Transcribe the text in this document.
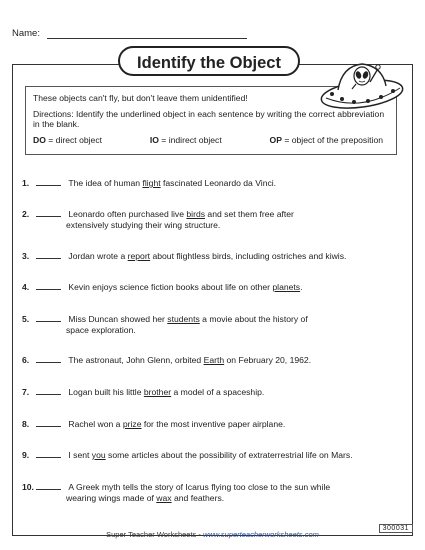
Name:
Identify the Object

These objects can't fly, but don't leave them unidentified!

Directions: Identify the underlined object in each sentence by writing the correct abbreviation in the blank.

DO = direct object	IO = indirect object	OP = object of the preposition
1.	The idea of human flight fascinated Leonardo da Vinci.
2.	Leonardo often purchased live birds and set them free after
extensively studying their wing structure.
3.	Jordan wrote a report about flightless birds, including ostriches and kiwis.
4.	Kevin enjoys science fiction books about life on other planets.
5.	Miss Duncan showed her students a movie about the history of
space exploration.
6.	The astronaut, John Glenn, orbited Earth on February 20, 1962.
7.	Logan built his little brother a model of a spaceship.
8.	Rachel won a prize for the most inventive paper airplane.
9.	I sent you some articles about the possibility of extraterrestrial life on Mars.
10.	A Greek myth tells the story of Icarus flying too close to the sun while
wearing wings made of wax and feathers.
Super Teacher Worksheets - www.superteacherworksheets.com
300031
